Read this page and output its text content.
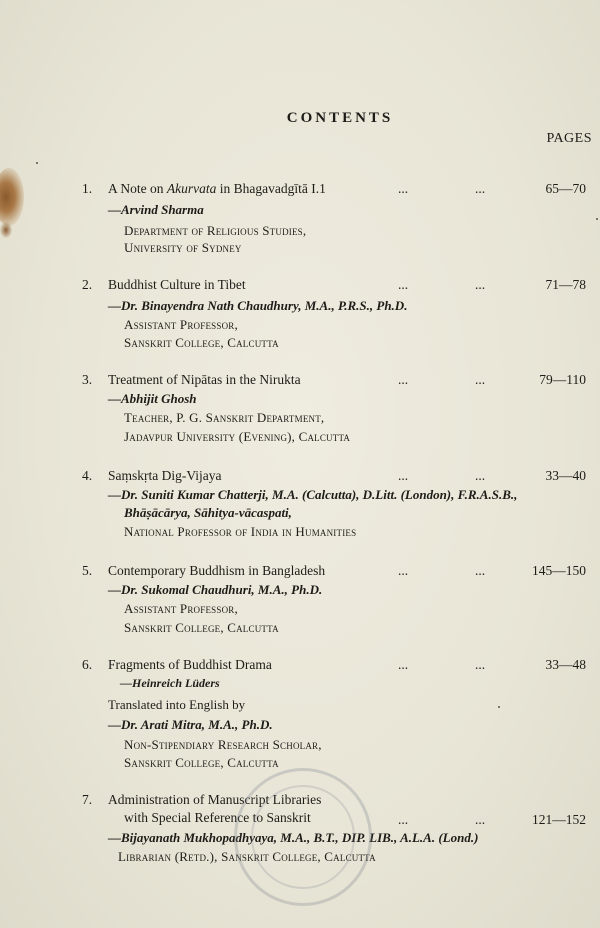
CONTENTS
PAGES
1. A Note on Akurvata in Bhagavadgītā I.1	...	...	65—70
—Arvind Sharma
Department of Religious Studies,
University of Sydney
2. Buddhist Culture in Tibet	...	...	71—78
—Dr. Binayendra Nath Chaudhury, M.A., P.R.S., Ph.D.
Assistant Professor,
Sanskrit College, Calcutta
3. Treatment of Nipātas in the Nirukta	...	...	79—110
—Abhijit Ghosh
Teacher, P. G. Sanskrit Department,
Jadavpur University (Evening), Calcutta
4. Saṃskṛta Dig-Vijaya	...	...	33—40
—Dr. Suniti Kumar Chatterji, M.A. (Calcutta), D.Litt. (London), F.R.A.S.B.,
Bhāṣācārya, Sāhitya-vācaspati,
National Professor of India in Humanities
5. Contemporary Buddhism in Bangladesh	...	...	145—150
—Dr. Sukomal Chaudhuri, M.A., Ph.D.
Assistant Professor,
Sanskrit College, Calcutta
6. Fragments of Buddhist Drama	...	...	33—48
—Heinreich Lüders
Translated into English by
—Dr. Arati Mitra, M.A., Ph.D.
Non-Stipendiary Research Scholar,
Sanskrit College, Calcutta
7. Administration of Manuscript Libraries
with Special Reference to Sanskrit	...	...	121—152
—Bijayanath Mukhopadhyaya, M.A., B.T., DIP. LIB., A.L.A. (Lond.)
Librarian (Retd.), Sanskrit College, Calcutta
